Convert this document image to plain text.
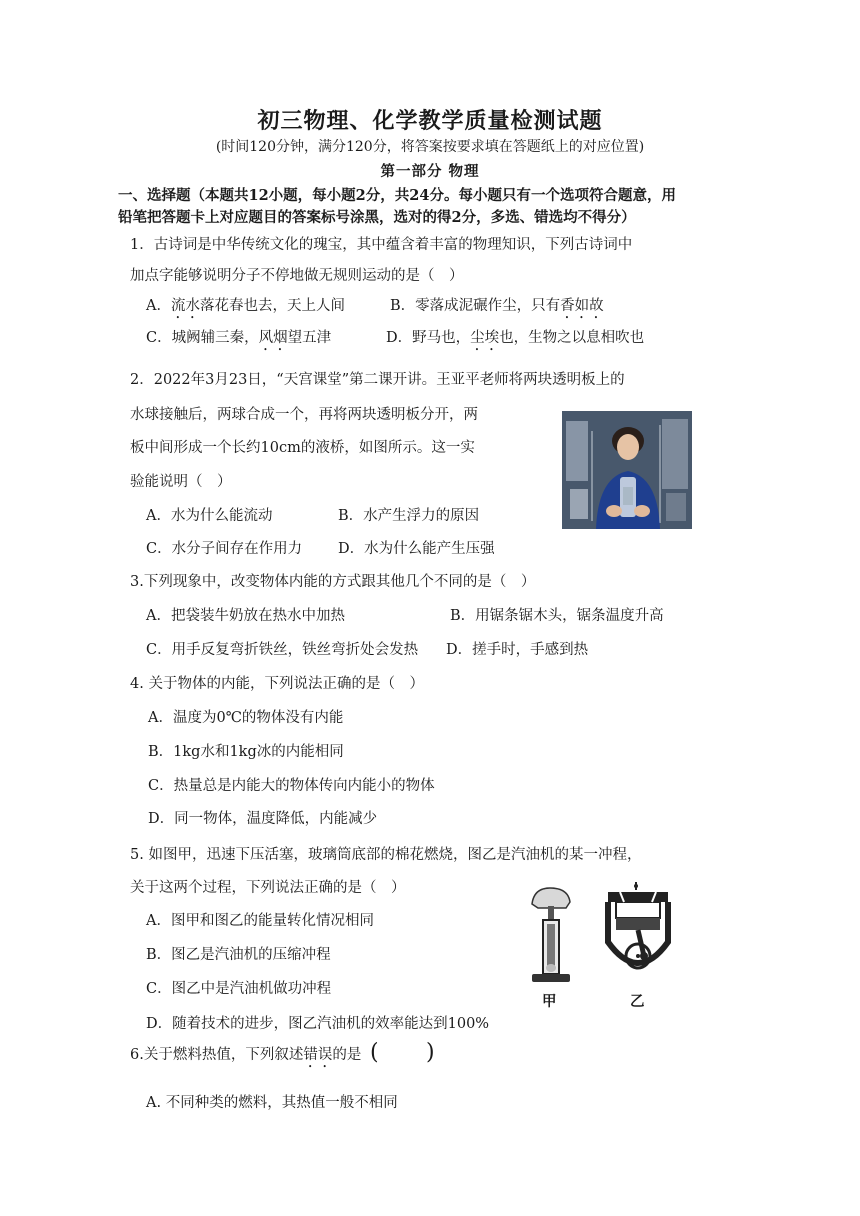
初三物理、化学教学质量检测试题
(时间120分钟，满分120分，将答案按要求填在答题纸上的对应位置)
第一部分 物理
一、选择题（本题共12小题，每小题2分，共24分。每小题只有一个选项符合题意，用
铅笔把答题卡上对应题目的答案标号涂黑，选对的得2分，多选、错选均不得分）
1．古诗词是中华传统文化的瑰宝，其中蕴含着丰富的物理知识，下列古诗词中
加点字能够说明分子不停地做无规则运动的是（　）
A．流水落花春也去，天上人间	B．零落成泥碾作尘，只有香如故
C．城阙辅三秦，风烟望五津	D．野马也，尘埃也，生物之以息相吹也
2．2022年3月23日，“天宫课堂”第二课开讲。王亚平老师将两块透明板上的
水球接触后，两球合成一个，再将两块透明板分开，两
板中间形成一个长约10cm的液桥，如图所示。这一实
验能说明（　）
A．水为什么能流动	B．水产生浮力的原因
C．水分子间存在作用力 D．水为什么能产生压强
3.下列现象中，改变物体内能的方式跟其他几个不同的是（　）
A．把袋装牛奶放在热水中加热	B．用锯条锯木头，锯条温度升高
C．用手反复弯折铁丝，铁丝弯折处会发热 D．搓手时，手感到热
4. 关于物体的内能，下列说法正确的是（　）
A．温度为0℃的物体没有内能
B．1kg水和1kg冰的内能相同
C．热量总是内能大的物体传向内能小的物体
D．同一物体，温度降低，内能减少
5. 如图甲，迅速下压活塞，玻璃筒底部的棉花燃烧，图乙是汽油机的某一冲程，
关于这两个过程，下列说法正确的是（　）
A．图甲和图乙的能量转化情况相同
B．图乙是汽油机的压缩冲程
C．图乙中是汽油机做功冲程
D．随着技术的进步，图乙汽油机的效率能达到100%
甲	乙
6.关于燃料热值，下列叙述错误的是 ( )
A. 不同种类的燃料，其热值一般不相同
